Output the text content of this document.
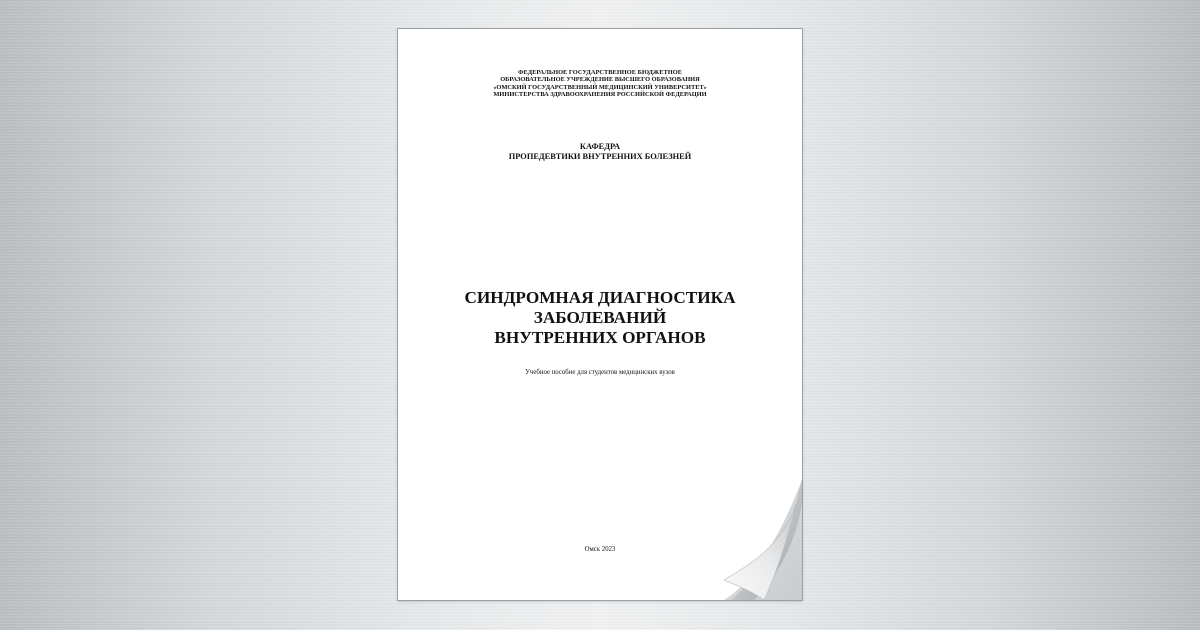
ФЕДЕРАЛЬНОЕ ГОСУДАРСТВЕННОЕ БЮДЖЕТНОЕ
ОБРАЗОВАТЕЛЬНОЕ УЧРЕЖДЕНИЕ ВЫСШЕГО ОБРАЗОВАНИЯ
«ОМСКИЙ ГОСУДАРСТВЕННЫЙ МЕДИЦИНСКИЙ УНИВЕРСИТЕТ»
МИНИСТЕРСТВА ЗДРАВООХРАНЕНИЯ РОССИЙСКОЙ ФЕДЕРАЦИИ
КАФЕДРА
ПРОПЕДЕВТИКИ ВНУТРЕННИХ БОЛЕЗНЕЙ
СИНДРОМНАЯ ДИАГНОСТИКА
ЗАБОЛЕВАНИЙ
ВНУТРЕННИХ ОРГАНОВ
Учебное пособие для студентов медицинских вузов
Омск 2023
